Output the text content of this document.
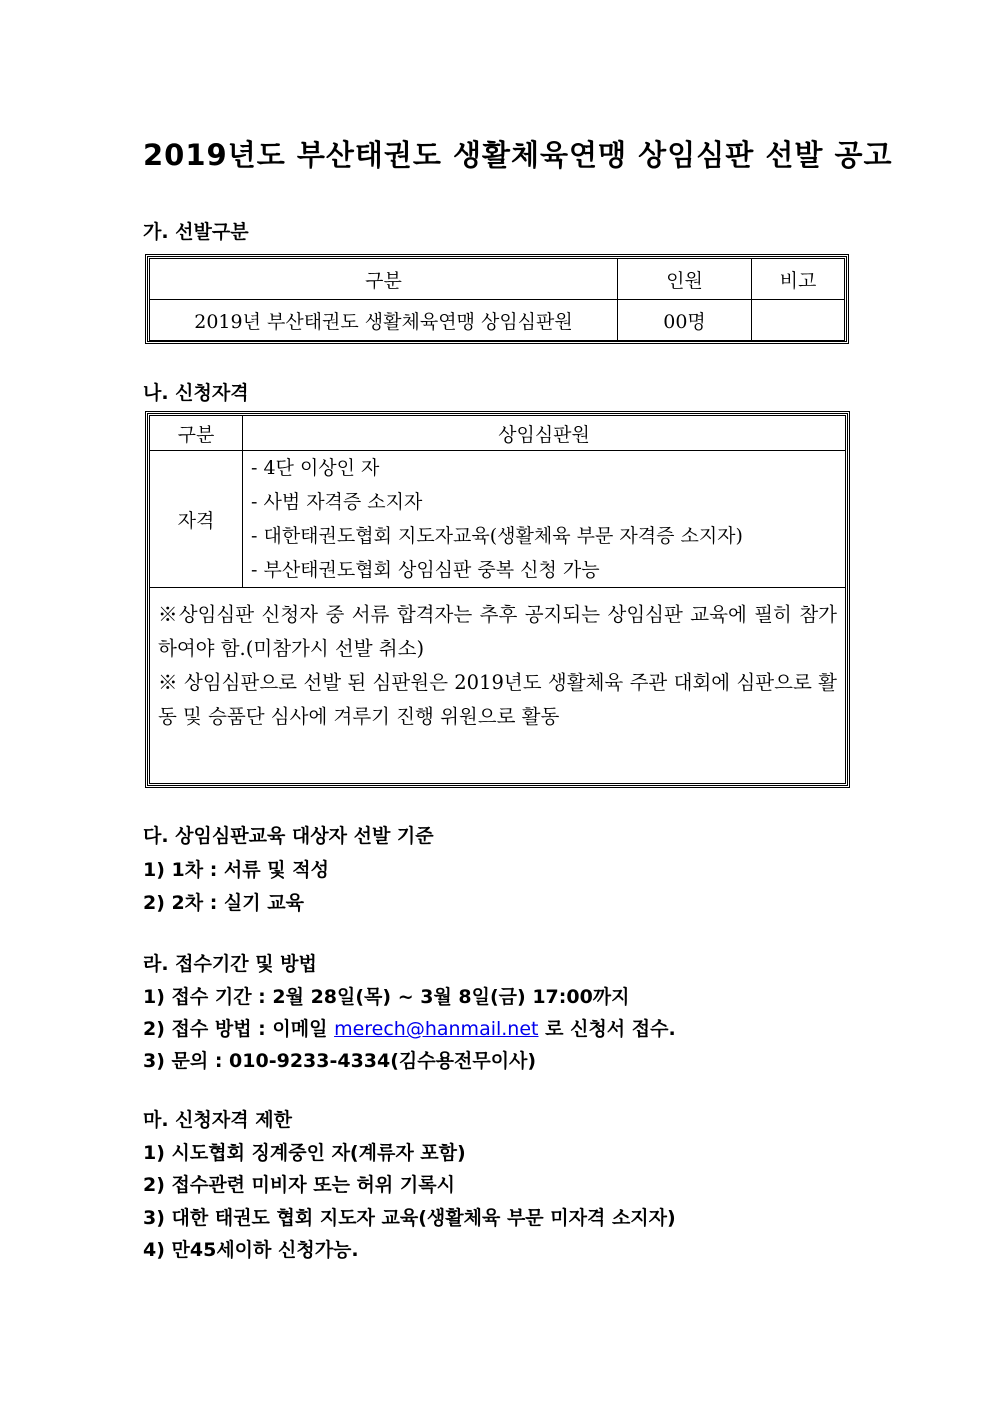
2019년도 부산태권도 생활체육연맹 상임심판 선발 공고
가. 선발구분
구분	인원	비고
2019년 부산태권도 생활체육연맹 상임심판원	00명	
나. 신청자격
구분	상임심판원
자격	- 4단 이상인 자
- 사범 자격증 소지자
- 대한태권도협회 지도자교육(생활체육 부문 자격증 소지자)
- 부산태권도협회 상임심판 중복 신청 가능

※상임심판 신청자 중 서류 합격자는 추후 공지되는 상임심판 교육에 필히 참가하여야 함.(미참가시 선발 취소)

※ 상임심판으로 선발 된 심판원은 2019년도 생활체육 주관 대회에 심판으로 활동 및 승품단 심사에 겨루기 진행 위원으로 활동	

다. 상임심판교육 대상자 선발 기준
1) 1차 : 서류 및 적성
2) 2차 : 실기 교육
라. 접수기간 및 방법
1) 접수 기간 : 2월 28일(목) ~ 3월 8일(금) 17:00까지
2) 접수 방법 : 이메일 merech@hanmail.net 로 신청서 접수.
3) 문의 : 010-9233-4334(김수용전무이사)
마. 신청자격 제한
1) 시도협회 징계중인 자(계류자 포함)
2) 접수관련 미비자 또는 허위 기록시
3) 대한 태권도 협회 지도자 교육(생활체육 부문 미자격 소지자)
4) 만45세이하 신청가능.
